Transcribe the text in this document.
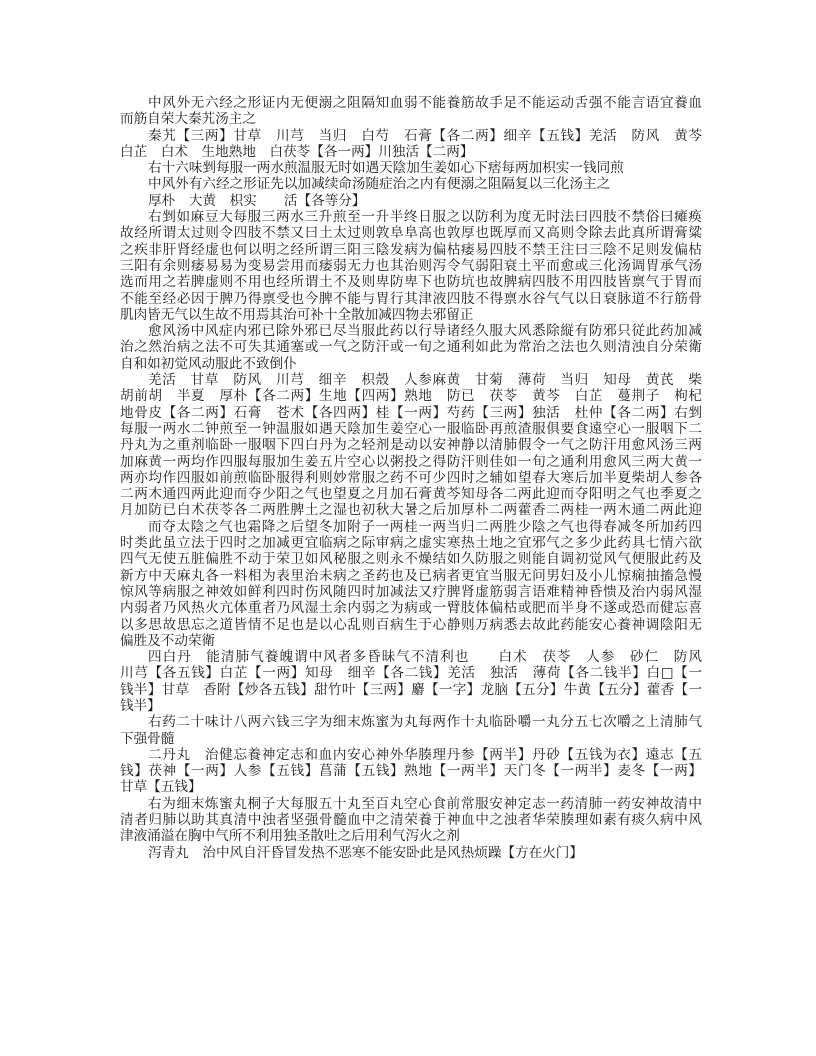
中风外无六经之形证内无便溺之阻隔知血弱不能養筋故手足不能运动舌强不能言语宜養血
而筋自荣大秦艽汤主之
秦艽【三两】甘草　川芎　当归　白芍　石膏【各二两】细辛【五钱】羌活　防风　黄芩
白芷　白术　生地熟地　白茯苓【各一两】川独活【二两】
右十六味剉每服一两水煎温服无时如遇天陰加生姜如心下痞每两加枳实一钱同煎
中风外有六经之形证先以加减续命汤随症治之内有便溺之阻隔复以三化汤主之
厚朴　大黄　枳实　　活【各等分】
右剉如麻豆大每服三两水三升煎至一升半终日服之以防利为度无时法曰四肢不禁俗曰瘫痪
故经所谓太过则令四肢不禁又曰土太过则敦阜阜高也敦厚也既厚而又高则令除去此真所谓膏粱
之疾非肝肾经虚也何以明之经所谓三阳三陰发病为偏枯痿易四肢不禁王注曰三陰不足则发偏枯
三阳有余则痿易易为变易尝用而痿弱无力也其治则泻令气弱阳衰土平而愈或三化汤调胃承气汤
选而用之若脾虚则不用也经所谓土不及则卑防卑下也防坑也故脾病四肢不用四肢皆禀气于胃而
不能至经必因于脾乃得禀受也今脾不能与胃行其津液四肢不得禀水谷气气以日衰脉道不行筋骨
肌肉皆无气以生故不用焉其治可补十全散加减四物去邪留正
愈风汤中风症内邪已除外邪已尽当服此药以行导诸经久服大风悉除縦有防邪只従此药加减
治之然治病之法不可失其通塞或一气之防汗或一旬之通利如此为常治之法也久则清浊自分荣衛
自和如初觉风动服此不致倒仆
羌活　甘草　防风　川芎　细辛　枳殼　人参麻黄　甘菊　薄荷　当归　知母　黄芪　柴
胡前胡　半夏　厚朴【各二两】生地【四两】熟地　防已　茯苓　黄芩　白芷　蔓荆子　枸杞
地骨皮【各二两】石膏　苍术【各四两】桂【一两】芍药【三两】独活　杜仲【各二两】右剉
每服一两水二钟煎至一钟温服如遇天陰加生姜空心一服临卧再煎渣服俱要食遠空心一服咽下二
丹丸为之重剂临卧一服咽下四白丹为之轻剂是动以安神静以清肺假令一气之防汗用愈风汤三两
加麻黄一两均作四服每服加生姜五片空心以粥投之得防汗则佳如一旬之通利用愈风三两大黄一
两亦均作四服如前煎临卧服得利则妙常服之药不可少四时之辅如望春大寒后加半夏柴胡人参各
二两木通四两此迎而夺少阳之气也望夏之月加石膏黄芩知母各二两此迎而夺阳明之气也季夏之
月加防已白术茯苓各二两胜脾土之湿也初秋大暑之后加厚朴二两藿香二两桂一两木通二两此迎
而夺太陰之气也霜降之后望冬加附子一两桂一两当归二两胜少陰之气也得春减冬所加药四
时类此虽立法于四时之加减更宜临病之际审病之虚实寒热土地之宜邪气之多少此药具七情六欲
四气无使五脏偏胜不动于荣卫如风秘服之则永不燥结如久防服之则能自调初觉风气便服此药及
新方中天麻丸各一料相为表里治未病之圣药也及已病者更宜当服无问男妇及小儿惊痫抽搐急慢
惊风等病服之神效如鲜利四时伤风随四时加减法又疗脾肾虚筋弱言语难精神昏愦及治内弱风湿
内弱者乃风热火亢体重者乃风湿土余内弱之为病或一臂肢体偏枯或肥而半身不遂或恐而健忘喜
以多思故思忘之道皆情不足也是以心乱则百病生于心静则万病悉去故此药能安心養神调陰阳无
偏胜及不动荣衛
四白丹　能清肺气養魄谓中风者多昏昧气不清利也　　白术　茯苓　人参　砂仁　防风
川芎【各五钱】白芷【一两】知母　细辛【各二钱】羌活　独活　薄荷【各二钱半】白□【一
钱半】甘草　香附【炒各五钱】甜竹叶【三两】麝【一字】龙脑【五分】牛黄【五分】藿香【一
钱半】
右药二十味计八两六钱三字为细末炼蜜为丸每两作十丸临卧嚼一丸分五七次嚼之上清肺气
下强骨髓
二丹丸　治健忘養神定志和血内安心神外华腠理丹参【两半】丹砂【五钱为衣】遠志【五
钱】茯神【一两】人参【五钱】菖蒲【五钱】熟地【一两半】天门冬【一两半】麦冬【一两】
甘草【五钱】
右为细末炼蜜丸桐子大每服五十丸至百丸空心食前常服安神定志一药清肺一药安神故清中
清者归肺以助其真清中浊者坚强骨髓血中之清荣養于神血中之浊者华荣腠理如素有痰久病中风
津液涌溢在胸中气所不利用独圣散吐之后用利气泻火之剂
泻青丸　治中风自汗昏冒发热不恶寒不能安卧此是风热烦躁【方在火门】
